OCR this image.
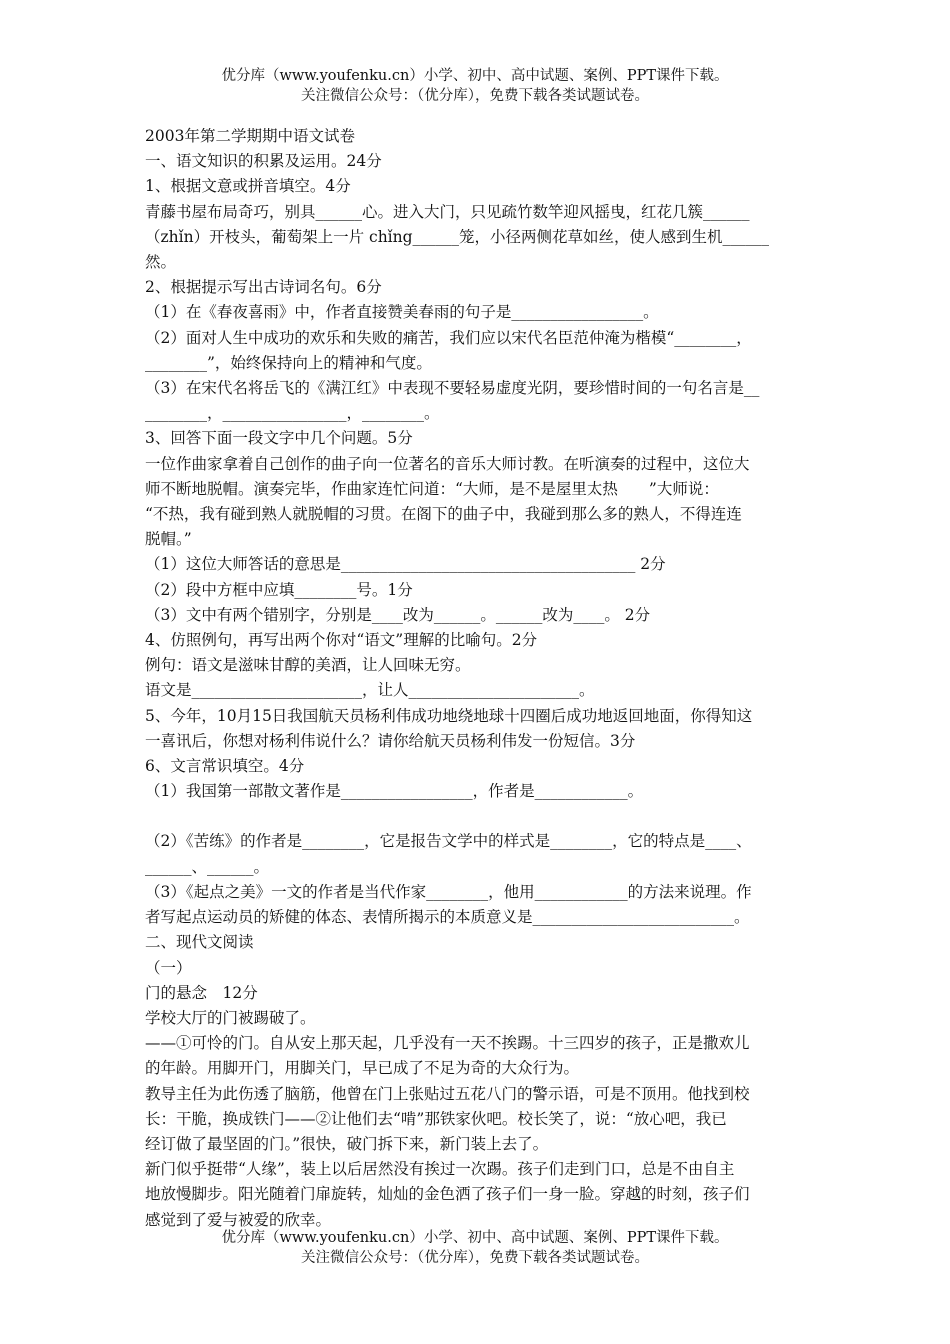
优分库（www.youfenku.cn）小学、初中、高中试题、案例、PPT课件下载。
关注微信公众号：（优分库），免费下载各类试题试卷。

2003年第二学期期中语文试卷

一、语文知识的积累及运用。24分

1、根据文意或拼音填空。4分

青藤书屋布局奇巧，别具______心。进入大门，只见疏竹数竿迎风摇曳，红花几簇______

（zhǐn）开枝头，葡萄架上一片 chǐng______笼，小径两侧花草如丝，使人感到生机______

然。

2、根据提示写出古诗词名句。6分

（1）在《春夜喜雨》中，作者直接赞美春雨的句子是_________________。

（2）面对人生中成功的欢乐和失败的痛苦，我们应以宋代名臣范仲淹为楷模“________，

________”，始终保持向上的精神和气度。

（3）在宋代名将岳飞的《满江红》中表现不要轻易虚度光阴，要珍惜时间的一句名言是__

________，________________，________。

3、回答下面一段文字中几个问题。5分

一位作曲家拿着自己创作的曲子向一位著名的音乐大师讨教。在听演奏的过程中，这位大

师不断地脱帽。演奏完毕，作曲家连忙问道：“大师，是不是屋里太热　　”大师说：

“不热，我有碰到熟人就脱帽的习贯。在阁下的曲子中，我碰到那么多的熟人，不得连连

脱帽。”

（1）这位大师答话的意思是______________________________________ 2分

（2）段中方框中应填________号。1分

（3）文中有两个错别字，分别是____改为______。______改为____。 2分

4、仿照例句，再写出两个你对“语文”理解的比喻句。2分

例句：语文是滋味甘醇的美酒，让人回味无穷。

语文是______________________，让人______________________。

5、今年，10月15日我国航天员杨利伟成功地绕地球十四圈后成功地返回地面，你得知这

一喜讯后，你想对杨利伟说什么？请你给航天员杨利伟发一份短信。3分

6、文言常识填空。4分

（1）我国第一部散文著作是_________________，作者是____________。

（2）《苦练》的作者是________，它是报告文学中的样式是________，它的特点是____、

______、______。

（3）《起点之美》一文的作者是当代作家________，他用____________的方法来说理。作

者写起点运动员的矫健的体态、表情所揭示的本质意义是__________________________。

二、现代文阅读

（一）

门的悬念　12分

学校大厅的门被踢破了。

——①可怜的门。自从安上那天起，几乎没有一天不挨踢。十三四岁的孩子，正是撒欢儿

的年龄。用脚开门，用脚关门，早已成了不足为奇的大众行为。

教导主任为此伤透了脑筋，他曾在门上张贴过五花八门的警示语，可是不顶用。他找到校

长：干脆，换成铁门——②让他们去“啃”那铁家伙吧。校长笑了，说：“放心吧，我已

经订做了最坚固的门。”很快，破门拆下来，新门装上去了。

新门似乎挺带“人缘”，装上以后居然没有挨过一次踢。孩子们走到门口，总是不由自主

地放慢脚步。阳光随着门扉旋转，灿灿的金色洒了孩子们一身一脸。穿越的时刻，孩子们

感觉到了爱与被爱的欣幸。

优分库（www.youfenku.cn）小学、初中、高中试题、案例、PPT课件下载。
关注微信公众号：（优分库），免费下载各类试题试卷。
